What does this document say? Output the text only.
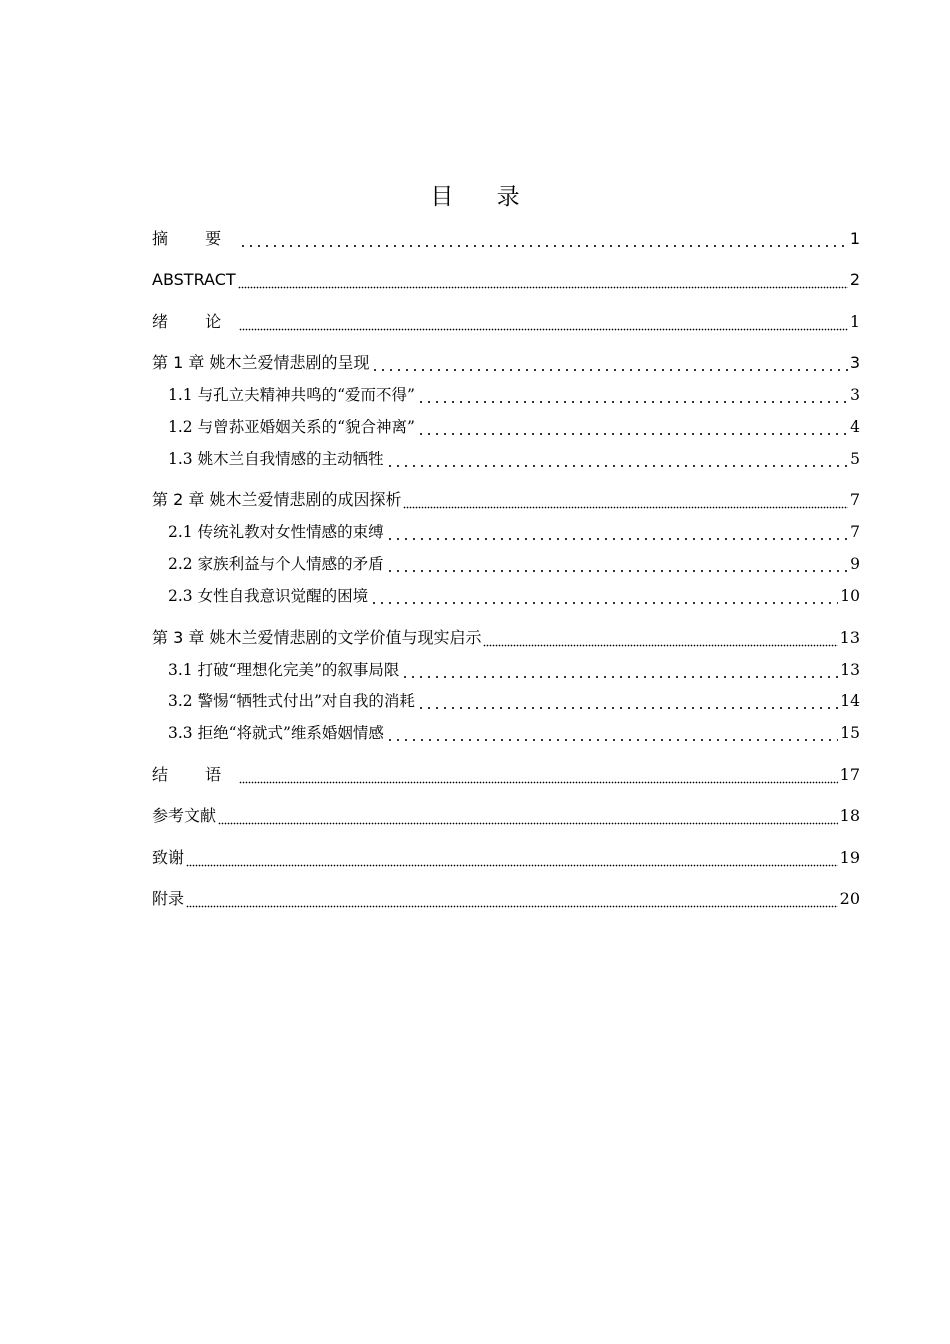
目 录
摘 要	1
ABSTRACT	2
绪 论	1
第 1 章 姚木兰爱情悲剧的呈现	3
1.1 与孔立夫精神共鸣的“爱而不得”	3
1.2 与曾荪亚婚姻关系的“貌合神离”	4
1.3 姚木兰自我情感的主动牺牲	5
第 2 章 姚木兰爱情悲剧的成因探析	7
2.1 传统礼教对女性情感的束缚	7
2.2 家族利益与个人情感的矛盾	9
2.3 女性自我意识觉醒的困境	10
第 3 章 姚木兰爱情悲剧的文学价值与现实启示	13
3.1 打破“理想化完美”的叙事局限	13
3.2 警惕“牺牲式付出”对自我的消耗	14
3.3 拒绝“将就式”维系婚姻情感	15
结 语	17
参考文献	18
致谢	19
附录	20
